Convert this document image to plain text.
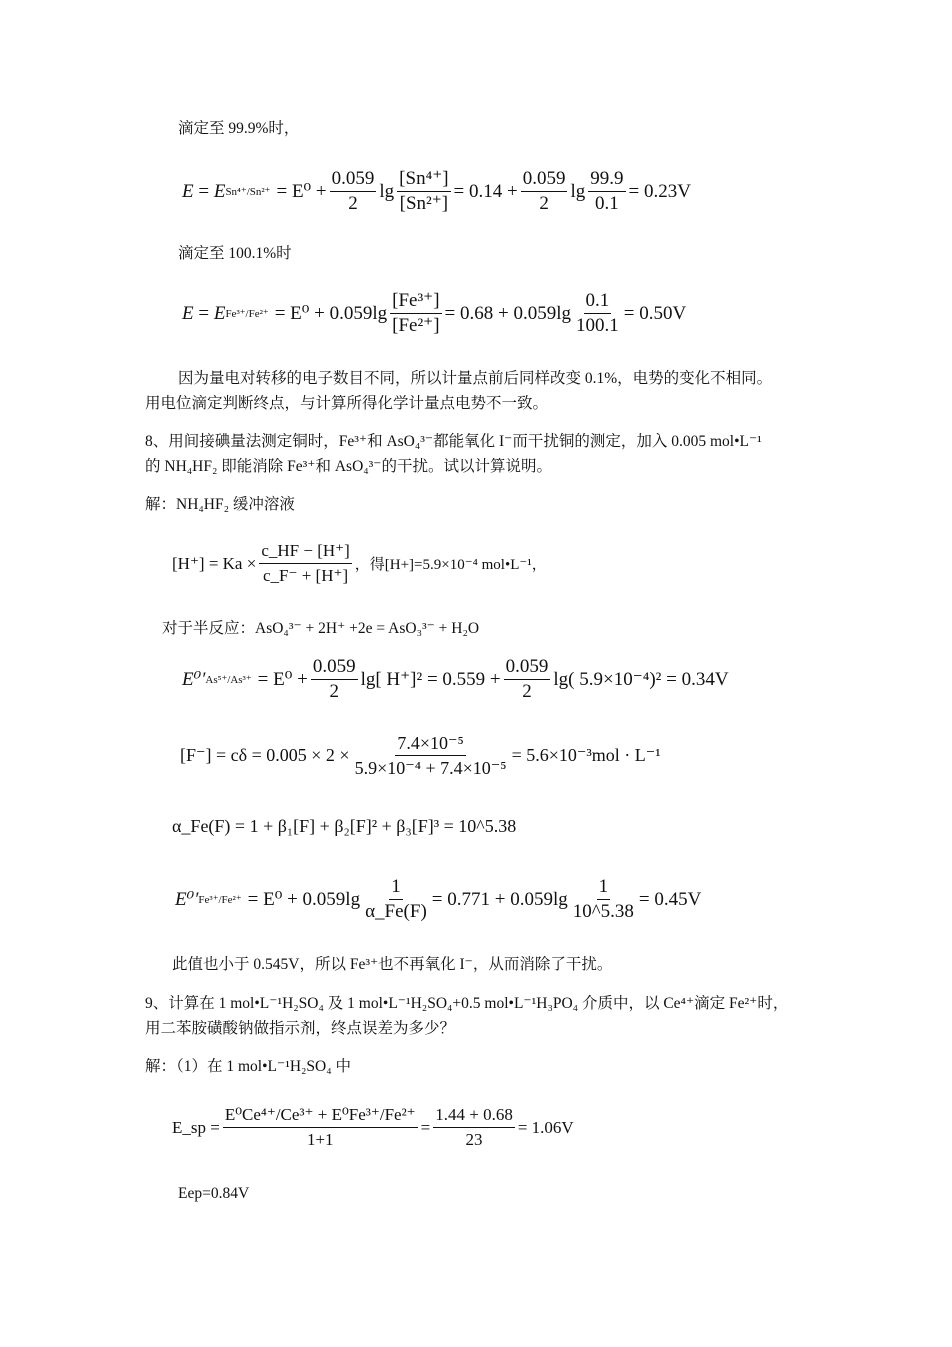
滴定至 99.9%时，
E = E $Sn^{4+}/Sn^{2+} = E^0 + \frac{0.059}{2}$ $\lg \frac{\text{[Sn⁴⁺]}}{\text{[Sn²⁺]}} = 0.14 + \frac{0.059}{2}$ $\lg \frac{99.9}{0.1} = 0.23V$
滴定至 100.1%时
E = E $Fe^{3+}/Fe^{2+} = E^0 + 0.059\lg \frac{\text{[Fe³⁺]}}{\text{[Fe²⁺]}} = 0.68 + 0.059\lg \frac{0.1}{100.1} = 0.50V$
因为量电对转移的电子数目不同，所以计量点前后同样改变 0.1%，电势的变化不相同。
用电位滴定判断终点，与计算所得化学计量点电势不一致。
8、用间接碘量法测定铜时，Fe³⁺和 AsO₄³⁻都能氧化 I⁻而干扰铜的测定，加入 0.005 mol•L⁻¹
的 NH₄HF₂ 即能消除 Fe³⁺和 AsO₄³⁻的干扰。试以计算说明。
解：NH₄HF₂ 缓冲溶液
$[H^+] = Ka \times \frac{c\_HF - [H^+]}{c\_F^- + [H^+]}$ ，得[H+]=5.9×10⁻⁴ mol•L⁻¹，
对于半反应：AsO₄³⁻ + 2H⁺ +2e = AsO₃³⁻ + H₂O
E⁰′ $As^{5+}/As^{3+} = E^0 + \frac{0.059}{2} \lg$[ $H^+]^2 = 0.559 + \frac{0.059}{2} \lg$( 5.9×10⁻⁴)² = 0.34V
$[F^-] = c\delta = 0.005 \times 2 \times \frac{\text{7.4×10⁻⁵}}{\text{5.9×10⁻⁴ + 7.4×10⁻⁵}} = 5.6\times 10^{-3}mol \cdot L^{-1}$
α_Fe(F) = 1 + β₁[F] + β₂[F]² + β₃[F]³ = 10^5.38
E⁰′ $Fe^{3+}/Fe^{2+} = E^0 + 0.059\lg \frac{1}{\alpha\_Fe(F)} = 0.771 + 0.059\lg \frac{1}{10\^{}5.38} = 0.45V$
此值也小于 0.545V，所以 Fe³⁺也不再氧化 I⁻，从而消除了干扰。
9、计算在 1 mol•L⁻¹H₂SO₄ 及 1 mol•L⁻¹H₂SO₄+0.5 mol•L⁻¹H₃PO₄ 介质中，以 Ce⁴⁺滴定 Fe²⁺时，
用二苯胺磺酸钠做指示剂，终点误差为多少？
解：（1）在 1 mol•L⁻¹H₂SO₄ 中
E_sp = $\frac{\text{E⁰Ce⁴⁺/Ce³⁺ + E⁰Fe³⁺/Fe²⁺}}{1+1} = \frac{1.44 + 0.68}{23} = 1.06V$
Eep=0.84V
